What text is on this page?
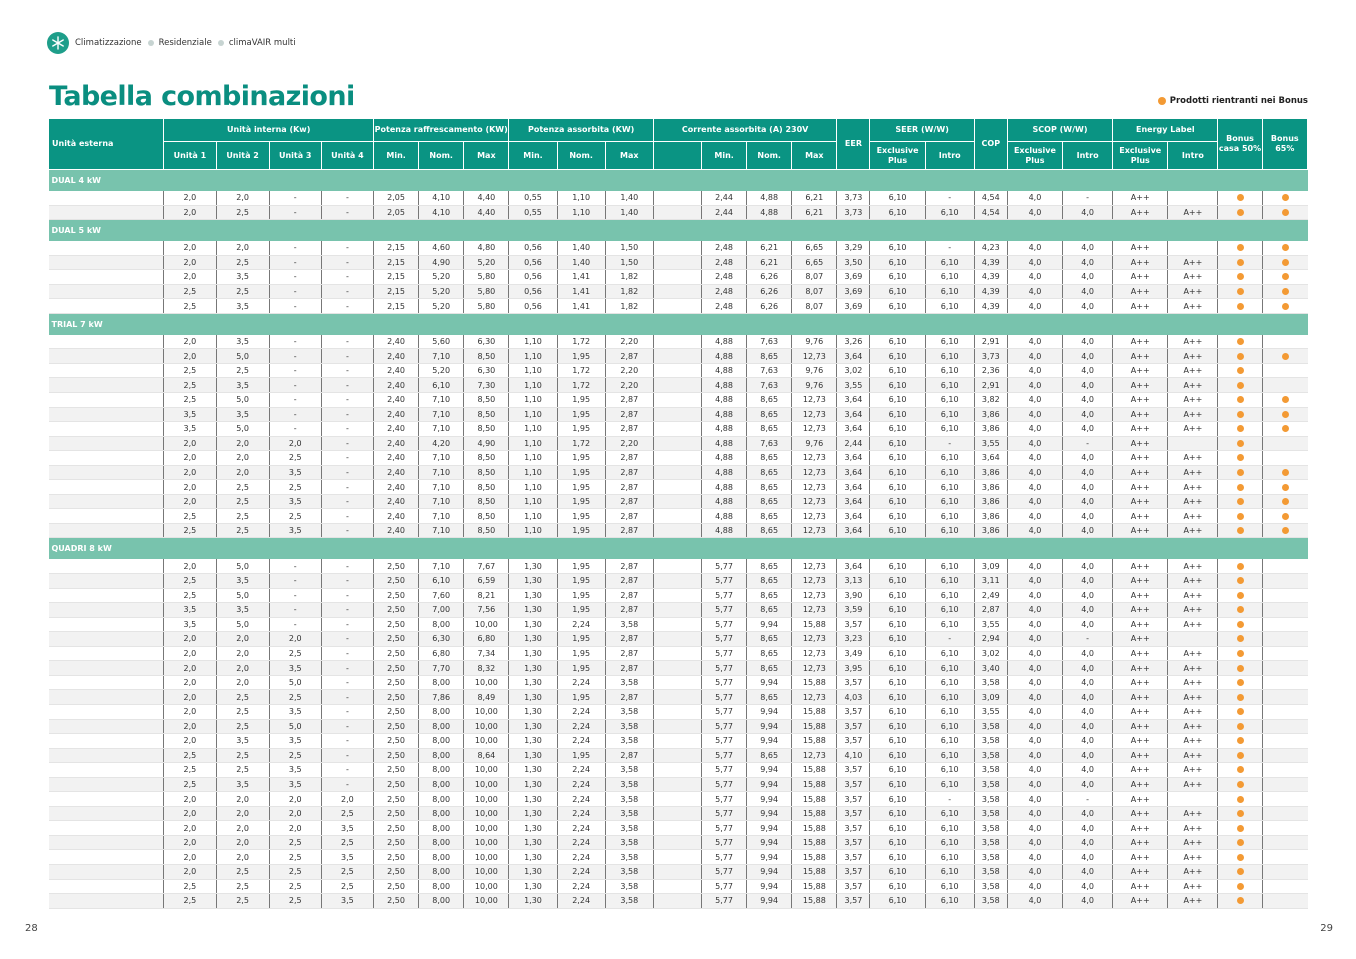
Climatizzazione Residenziale climaVAIR multi
Tabella combinazioni	Prodotti rientranti nei Bonus
Unità esterna	Unità interna (Kw)				Potenza raffrescamento (KW)			Potenza assorbita (KW)			Corrente assorbita (A) 230V				EER	SEER (W/W)		COP	SCOP (W/W)		Energy Label		Bonus casa 50%	Bonus 65%
	Unità 1	Unità 2	Unità 3	Unità 4	Min.	Nom.	Max	Min.	Nom.	Max		Min.	Nom.	Max		Exclusive Plus	Intro		Exclusive Plus	Intro	Exclusive Plus	Intro		
DUAL 4 kW																								
	2,0	2,0	-	-	2,05	4,10	4,40	0,55	1,10	1,40		2,44	4,88	6,21	3,73	6,10	-	4,54	4,0	-	A++			
	2,0	2,5	-	-	2,05	4,10	4,40	0,55	1,10	1,40		2,44	4,88	6,21	3,73	6,10	6,10	4,54	4,0	4,0	A++	A++		
DUAL 5 kW																								
	2,0	2,0	-	-	2,15	4,60	4,80	0,56	1,40	1,50		2,48	6,21	6,65	3,29	6,10	-	4,23	4,0	4,0	A++			
	2,0	2,5	-	-	2,15	4,90	5,20	0,56	1,40	1,50		2,48	6,21	6,65	3,50	6,10	6,10	4,39	4,0	4,0	A++	A++		
	2,0	3,5	-	-	2,15	5,20	5,80	0,56	1,41	1,82		2,48	6,26	8,07	3,69	6,10	6,10	4,39	4,0	4,0	A++	A++		
	2,5	2,5	-	-	2,15	5,20	5,80	0,56	1,41	1,82		2,48	6,26	8,07	3,69	6,10	6,10	4,39	4,0	4,0	A++	A++		
	2,5	3,5	-	-	2,15	5,20	5,80	0,56	1,41	1,82		2,48	6,26	8,07	3,69	6,10	6,10	4,39	4,0	4,0	A++	A++		
TRIAL 7 kW																								
	2,0	3,5	-	-	2,40	5,60	6,30	1,10	1,72	2,20		4,88	7,63	9,76	3,26	6,10	6,10	2,91	4,0	4,0	A++	A++		
	2,0	5,0	-	-	2,40	7,10	8,50	1,10	1,95	2,87		4,88	8,65	12,73	3,64	6,10	6,10	3,73	4,0	4,0	A++	A++		
	2,5	2,5	-	-	2,40	5,20	6,30	1,10	1,72	2,20		4,88	7,63	9,76	3,02	6,10	6,10	2,36	4,0	4,0	A++	A++		
	2,5	3,5	-	-	2,40	6,10	7,30	1,10	1,72	2,20		4,88	7,63	9,76	3,55	6,10	6,10	2,91	4,0	4,0	A++	A++		
	2,5	5,0	-	-	2,40	7,10	8,50	1,10	1,95	2,87		4,88	8,65	12,73	3,64	6,10	6,10	3,82	4,0	4,0	A++	A++		
	3,5	3,5	-	-	2,40	7,10	8,50	1,10	1,95	2,87		4,88	8,65	12,73	3,64	6,10	6,10	3,86	4,0	4,0	A++	A++		
	3,5	5,0	-	-	2,40	7,10	8,50	1,10	1,95	2,87		4,88	8,65	12,73	3,64	6,10	6,10	3,86	4,0	4,0	A++	A++		
	2,0	2,0	2,0	-	2,40	4,20	4,90	1,10	1,72	2,20		4,88	7,63	9,76	2,44	6,10	-	3,55	4,0	-	A++			
	2,0	2,0	2,5	-	2,40	7,10	8,50	1,10	1,95	2,87		4,88	8,65	12,73	3,64	6,10	6,10	3,64	4,0	4,0	A++	A++		
	2,0	2,0	3,5	-	2,40	7,10	8,50	1,10	1,95	2,87		4,88	8,65	12,73	3,64	6,10	6,10	3,86	4,0	4,0	A++	A++		
	2,0	2,5	2,5	-	2,40	7,10	8,50	1,10	1,95	2,87		4,88	8,65	12,73	3,64	6,10	6,10	3,86	4,0	4,0	A++	A++		
	2,0	2,5	3,5	-	2,40	7,10	8,50	1,10	1,95	2,87		4,88	8,65	12,73	3,64	6,10	6,10	3,86	4,0	4,0	A++	A++		
	2,5	2,5	2,5	-	2,40	7,10	8,50	1,10	1,95	2,87		4,88	8,65	12,73	3,64	6,10	6,10	3,86	4,0	4,0	A++	A++		
	2,5	2,5	3,5	-	2,40	7,10	8,50	1,10	1,95	2,87		4,88	8,65	12,73	3,64	6,10	6,10	3,86	4,0	4,0	A++	A++		
QUADRI 8 kW																								
	2,0	5,0	-	-	2,50	7,10	7,67	1,30	1,95	2,87		5,77	8,65	12,73	3,64	6,10	6,10	3,09	4,0	4,0	A++	A++		
	2,5	3,5	-	-	2,50	6,10	6,59	1,30	1,95	2,87		5,77	8,65	12,73	3,13	6,10	6,10	3,11	4,0	4,0	A++	A++		
	2,5	5,0	-	-	2,50	7,60	8,21	1,30	1,95	2,87		5,77	8,65	12,73	3,90	6,10	6,10	2,49	4,0	4,0	A++	A++		
	3,5	3,5	-	-	2,50	7,00	7,56	1,30	1,95	2,87		5,77	8,65	12,73	3,59	6,10	6,10	2,87	4,0	4,0	A++	A++		
	3,5	5,0	-	-	2,50	8,00	10,00	1,30	2,24	3,58		5,77	9,94	15,88	3,57	6,10	6,10	3,55	4,0	4,0	A++	A++		
	2,0	2,0	2,0	-	2,50	6,30	6,80	1,30	1,95	2,87		5,77	8,65	12,73	3,23	6,10	-	2,94	4,0	-	A++			
	2,0	2,0	2,5	-	2,50	6,80	7,34	1,30	1,95	2,87		5,77	8,65	12,73	3,49	6,10	6,10	3,02	4,0	4,0	A++	A++		
	2,0	2,0	3,5	-	2,50	7,70	8,32	1,30	1,95	2,87		5,77	8,65	12,73	3,95	6,10	6,10	3,40	4,0	4,0	A++	A++		
	2,0	2,0	5,0	-	2,50	8,00	10,00	1,30	2,24	3,58		5,77	9,94	15,88	3,57	6,10	6,10	3,58	4,0	4,0	A++	A++		
	2,0	2,5	2,5	-	2,50	7,86	8,49	1,30	1,95	2,87		5,77	8,65	12,73	4,03	6,10	6,10	3,09	4,0	4,0	A++	A++		
	2,0	2,5	3,5	-	2,50	8,00	10,00	1,30	2,24	3,58		5,77	9,94	15,88	3,57	6,10	6,10	3,55	4,0	4,0	A++	A++		
	2,0	2,5	5,0	-	2,50	8,00	10,00	1,30	2,24	3,58		5,77	9,94	15,88	3,57	6,10	6,10	3,58	4,0	4,0	A++	A++		
	2,0	3,5	3,5	-	2,50	8,00	10,00	1,30	2,24	3,58		5,77	9,94	15,88	3,57	6,10	6,10	3,58	4,0	4,0	A++	A++		
	2,5	2,5	2,5	-	2,50	8,00	8,64	1,30	1,95	2,87		5,77	8,65	12,73	4,10	6,10	6,10	3,58	4,0	4,0	A++	A++		
	2,5	2,5	3,5	-	2,50	8,00	10,00	1,30	2,24	3,58		5,77	9,94	15,88	3,57	6,10	6,10	3,58	4,0	4,0	A++	A++		
	2,5	3,5	3,5	-	2,50	8,00	10,00	1,30	2,24	3,58		5,77	9,94	15,88	3,57	6,10	6,10	3,58	4,0	4,0	A++	A++		
	2,0	2,0	2,0	2,0	2,50	8,00	10,00	1,30	2,24	3,58		5,77	9,94	15,88	3,57	6,10	-	3,58	4,0	-	A++			
	2,0	2,0	2,0	2,5	2,50	8,00	10,00	1,30	2,24	3,58		5,77	9,94	15,88	3,57	6,10	6,10	3,58	4,0	4,0	A++	A++		
	2,0	2,0	2,0	3,5	2,50	8,00	10,00	1,30	2,24	3,58		5,77	9,94	15,88	3,57	6,10	6,10	3,58	4,0	4,0	A++	A++		
	2,0	2,0	2,5	2,5	2,50	8,00	10,00	1,30	2,24	3,58		5,77	9,94	15,88	3,57	6,10	6,10	3,58	4,0	4,0	A++	A++		
	2,0	2,0	2,5	3,5	2,50	8,00	10,00	1,30	2,24	3,58		5,77	9,94	15,88	3,57	6,10	6,10	3,58	4,0	4,0	A++	A++		
	2,0	2,5	2,5	2,5	2,50	8,00	10,00	1,30	2,24	3,58		5,77	9,94	15,88	3,57	6,10	6,10	3,58	4,0	4,0	A++	A++		
	2,5	2,5	2,5	2,5	2,50	8,00	10,00	1,30	2,24	3,58		5,77	9,94	15,88	3,57	6,10	6,10	3,58	4,0	4,0	A++	A++		
	2,5	2,5	2,5	3,5	2,50	8,00	10,00	1,30	2,24	3,58		5,77	9,94	15,88	3,57	6,10	6,10	3,58	4,0	4,0	A++	A++		
28	29
